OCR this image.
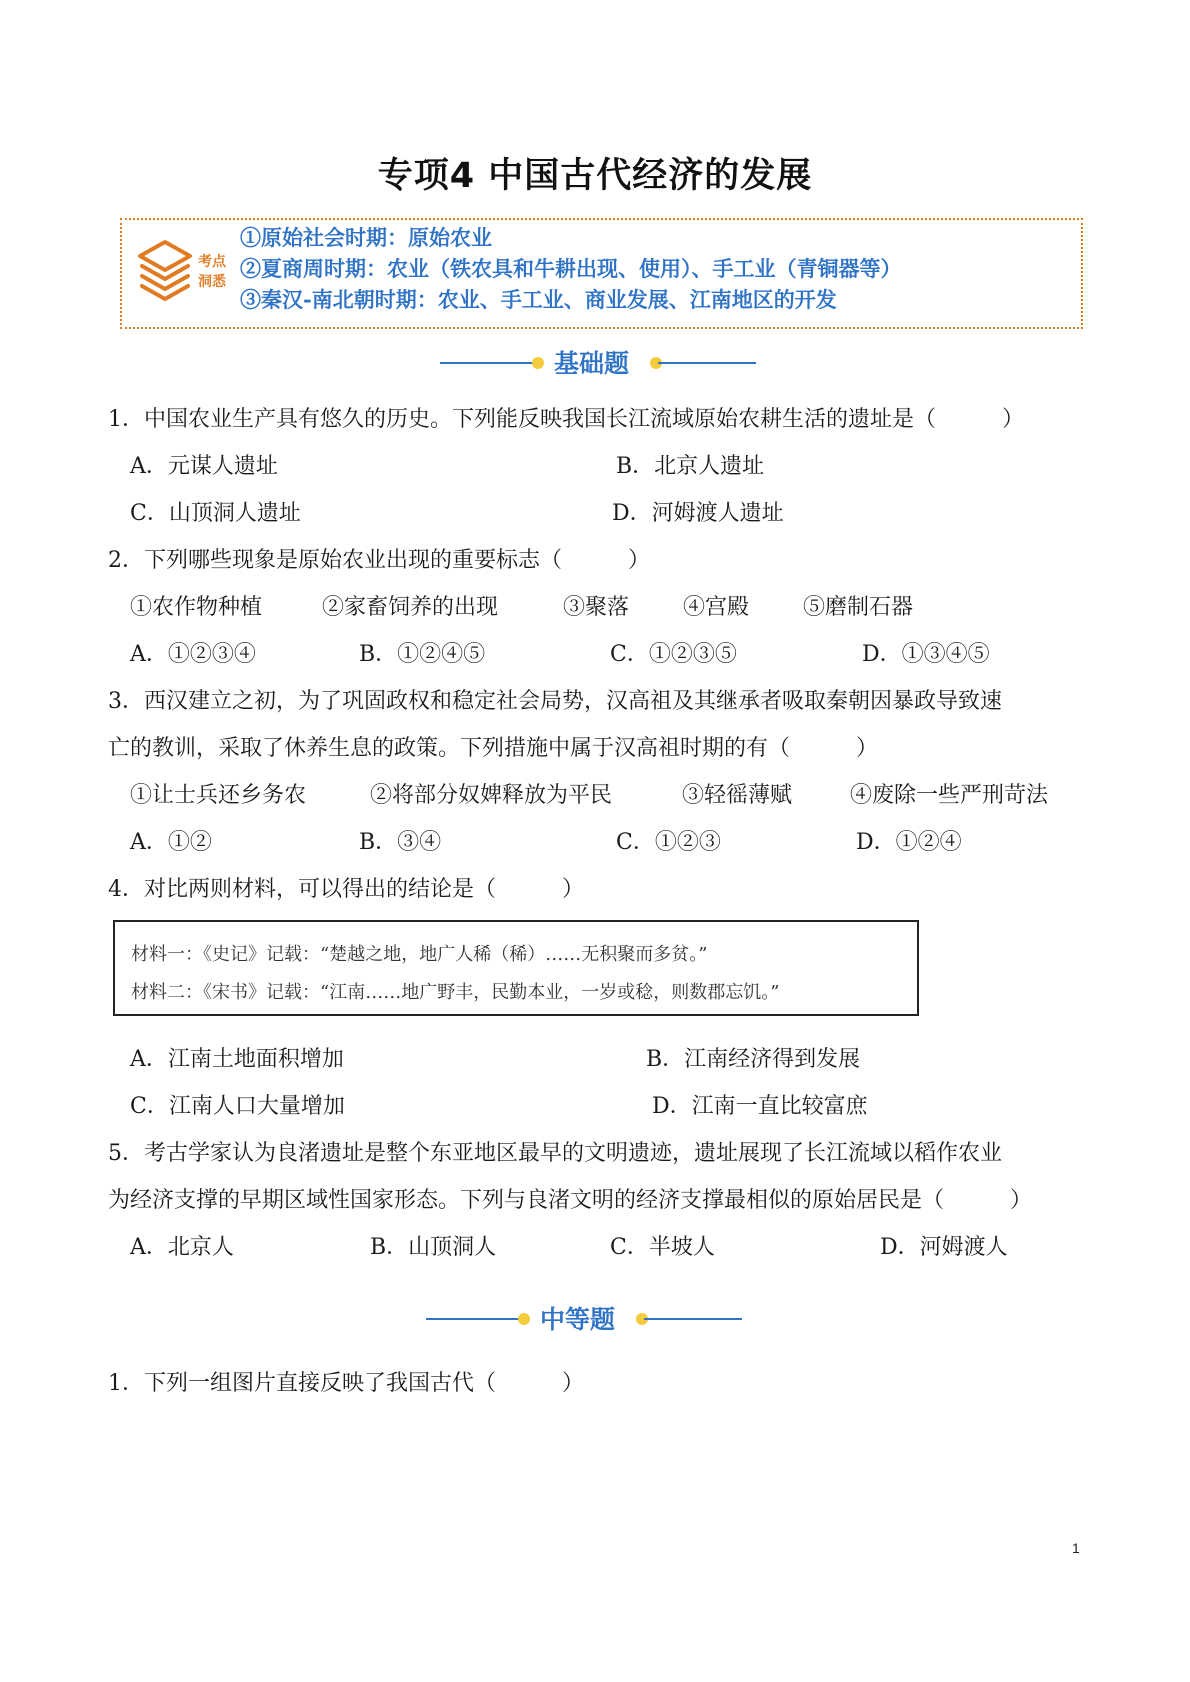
专项4 中国古代经济的发展
考点
洞悉
①原始社会时期：原始农业
②夏商周时期：农业（铁农具和牛耕出现、使用）、手工业（青铜器等）
③秦汉-南北朝时期：农业、手工业、商业发展、江南地区的开发
基础题
1．中国农业生产具有悠久的历史。下列能反映我国长江流域原始农耕生活的遗址是（　　　）
A．元谋人遗址	B．北京人遗址
C．山顶洞人遗址	D．河姆渡人遗址
2．下列哪些现象是原始农业出现的重要标志（　　　）
①农作物种植	②家畜饲养的出现	③聚落 ④宫殿 ⑤磨制石器
A．①②③④	B．①②④⑤	C．①②③⑤	D．①③④⑤
3．西汉建立之初，为了巩固政权和稳定社会局势，汉高祖及其继承者吸取秦朝因暴政导致速
亡的教训，采取了休养生息的政策。下列措施中属于汉高祖时期的有（　　　）
①让士兵还乡务农	②将部分奴婢释放为平民	③轻徭薄赋	④废除一些严刑苛法
A．①②	B．③④	C．①②③	D．①②④
4．对比两则材料，可以得出的结论是（　　　）
材料一：《史记》记载：“楚越之地，地广人稀（稀）……无积聚而多贫。”
材料二：《宋书》记载：“江南……地广野丰，民勤本业，一岁或稔，则数郡忘饥。”
A．江南土地面积增加	B．江南经济得到发展
C．江南人口大量增加	D．江南一直比较富庶
5．考古学家认为良渚遗址是整个东亚地区最早的文明遗迹，遗址展现了长江流域以稻作农业
为经济支撑的早期区域性国家形态。下列与良渚文明的经济支撑最相似的原始居民是（　　　）
A．北京人	B．山顶洞人	C．半坡人	D．河姆渡人
中等题
1．下列一组图片直接反映了我国古代（　　　）
1
